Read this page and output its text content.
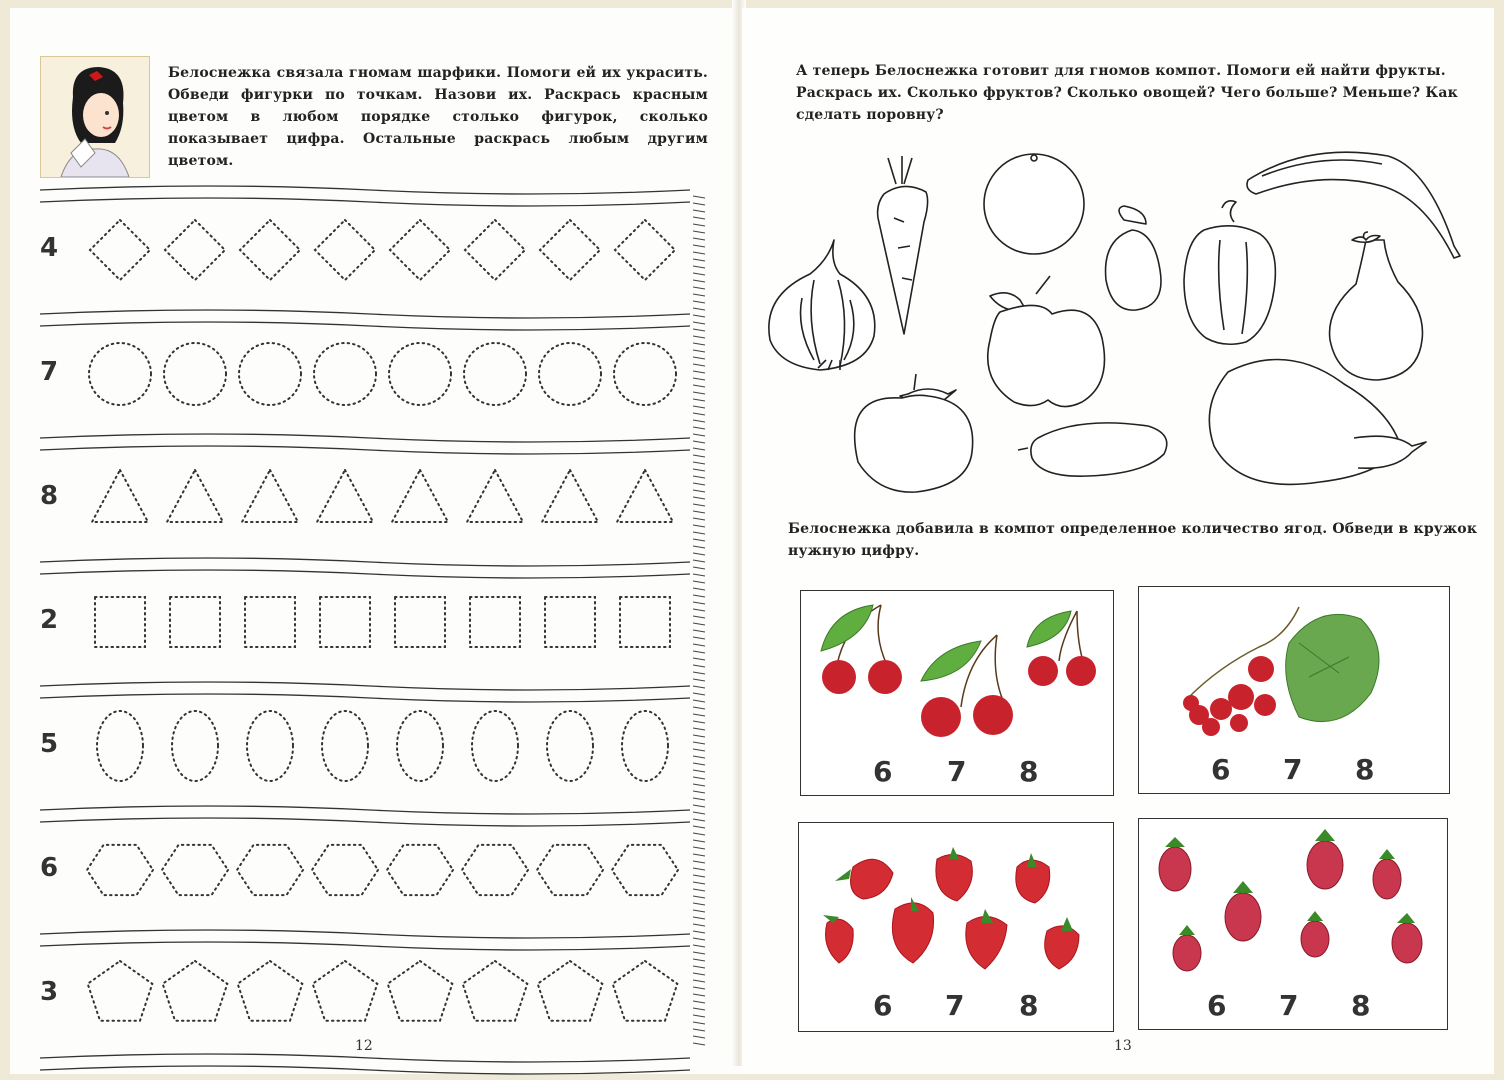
Белоснежка связала гномам шарфики. Помоги ей их украсить. Обведи фигурки по точкам. Назови их. Раскрась красным цветом в любом порядке столько фигурок, сколько показывает цифра. Остальные раскрась любым другим цветом.
4
7
8
2
5
6
3
12
А теперь Белоснежка готовит для гномов компот. Помоги ей найти фрукты. Раскрась их. Сколько фруктов? Сколько овощей? Чего больше? Меньше? Как сделать поровну?
Белоснежка добавила в компот определенное количество ягод. Обведи в кружок нужную цифру.
6 7 8	6 7 8
6 7 8	6 7 8
13
